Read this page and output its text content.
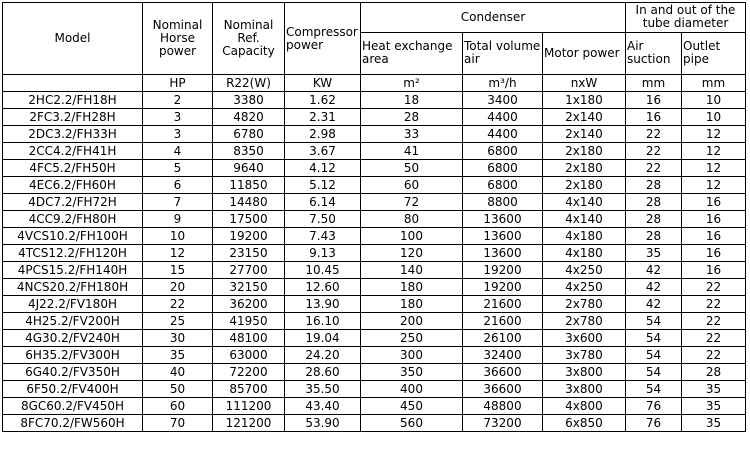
Model	Nominal Horse power	Nominal Ref. Capacity	Compressor power	Condenser			In and out of the tube diameter	
				Heat exchange area	Total volume air	Motor power	Air suction	Outlet pipe
	HP	R22(W)	KW	m²	m³/h	nxW	mm	mm
2HC2.2/FH18H	2	3380	1.62	18	3400	1x180	16	10
2FC3.2/FH28H	3	4820	2.31	28	4400	2x140	16	10
2DC3.2/FH33H	3	6780	2.98	33	4400	2x140	22	12
2CC4.2/FH41H	4	8350	3.67	41	6800	2x180	22	12
4FC5.2/FH50H	5	9640	4.12	50	6800	2x180	22	12
4EC6.2/FH60H	6	11850	5.12	60	6800	2x180	28	12
4DC7.2/FH72H	7	14480	6.14	72	8800	4x140	28	16
4CC9.2/FH80H	9	17500	7.50	80	13600	4x140	28	16
4VCS10.2/FH100H	10	19200	7.43	100	13600	4x180	28	16
4TCS12.2/FH120H	12	23150	9.13	120	13600	4x180	35	16
4PCS15.2/FH140H	15	27700	10.45	140	19200	4x250	42	16
4NCS20.2/FH180H	20	32150	12.60	180	19200	4x250	42	22
4J22.2/FV180H	22	36200	13.90	180	21600	2x780	42	22
4H25.2/FV200H	25	41950	16.10	200	21600	2x780	54	22
4G30.2/FV240H	30	48100	19.04	250	26100	3x600	54	22
6H35.2/FV300H	35	63000	24.20	300	32400	3x780	54	22
6G40.2/FV350H	40	72200	28.60	350	36600	3x800	54	28
6F50.2/FV400H	50	85700	35.50	400	36600	3x800	54	35
8GC60.2/FV450H	60	111200	43.40	450	48800	4x800	76	35
8FC70.2/FW560H	70	121200	53.90	560	73200	6x850	76	35
